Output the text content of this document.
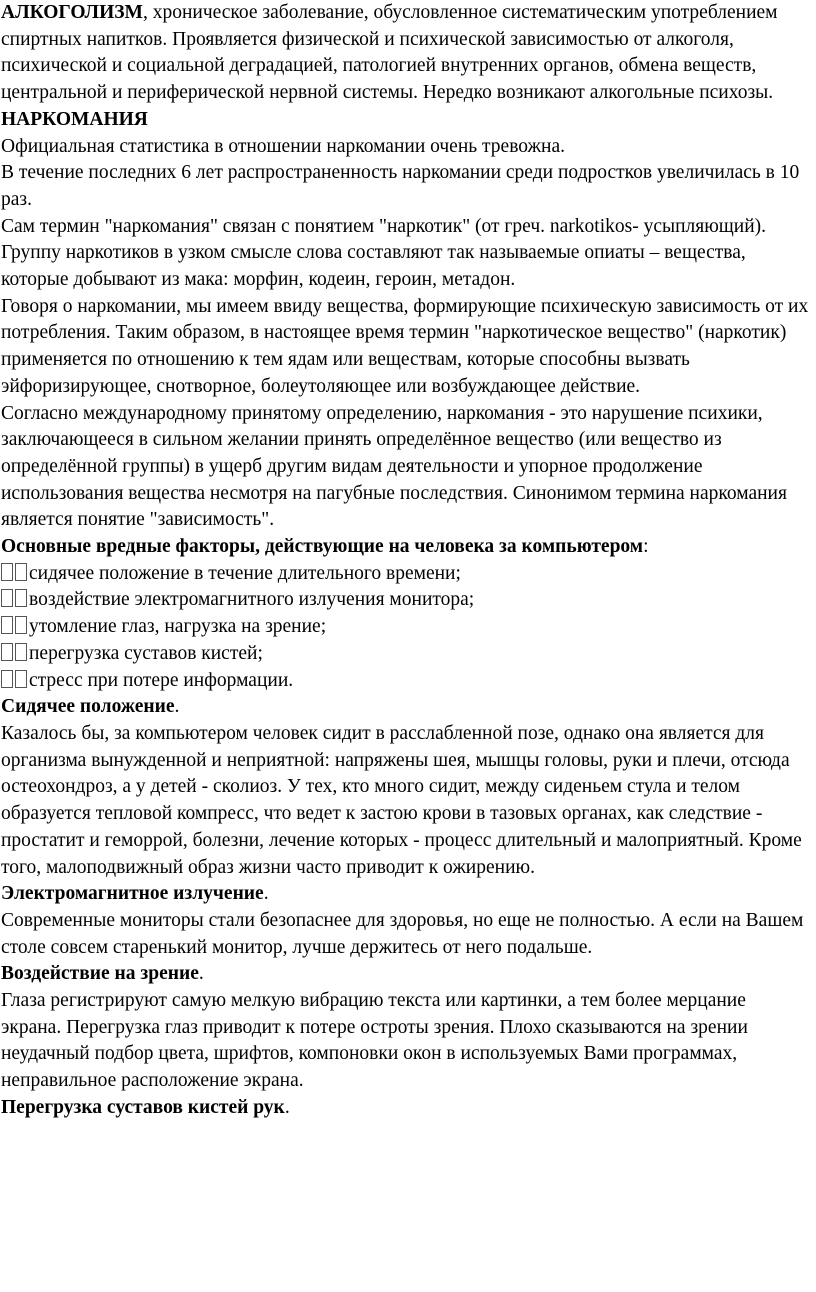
АЛКОГОЛИЗМ, хроническое заболевание, обусловленное систематическим употреблением спиртных напитков. Проявляется физической и психической зависимостью от алкоголя, психической и социальной деградацией, патологией внутренних органов, обмена веществ, центральной и периферической нервной системы. Нередко возникают алкогольные психозы.

НАРКОМАНИЯ

Официальная статистика в отношении наркомании очень тревожна.

В течение последних 6 лет распространенность наркомании среди подростков увеличилась в 10 раз.

Сам термин "наркомания" связан с понятием "наркотик" (от греч. narkotikos- усыпляющий).

Группу наркотиков в узком смысле слова составляют так называемые опиаты – вещества, которые добывают из мака: морфин, кодеин, героин, метадон.

Говоря о наркомании, мы имеем ввиду вещества, формирующие психическую зависимость от их потребления. Таким образом, в настоящее время термин "наркотическое вещество" (наркотик) применяется по отношению к тем ядам или веществам, которые способны вызвать эйфоризирующее, снотворное, болеутоляющее или возбуждающее действие.

Согласно международному принятому определению, наркомания - это нарушение психики, заключающееся в сильном желании принять определённое вещество (или вещество из определённой группы) в ущерб другим видам деятельности и упорное продолжение использования вещества несмотря на пагубные последствия. Синонимом термина наркомания является понятие "зависимость".

Основные вредные факторы, действующие на человека за компьютером:

сидячее положение в течение длительного времени;

воздействие электромагнитного излучения монитора;

утомление глаз, нагрузка на зрение;

перегрузка суставов кистей;

стресс при потере информации.

Сидячее положение.

Казалось бы, за компьютером человек сидит в расслабленной позе, однако она является для организма вынужденной и неприятной: напряжены шея, мышцы головы, руки и плечи, отсюда остеохондроз, а у детей - сколиоз. У тех, кто много сидит, между сиденьем стула и телом образуется тепловой компресс, что ведет к застою крови в тазовых органах, как следствие - простатит и геморрой, болезни, лечение которых - процесс длительный и малоприятный. Кроме того, малоподвижный образ жизни часто приводит к ожирению.

Электромагнитное излучение.

Современные мониторы стали безопаснее для здоровья, но еще не полностью. А если на Вашем столе совсем старенький монитор, лучше держитесь от него подальше.

Воздействие на зрение.

Глаза регистрируют самую мелкую вибрацию текста или картинки, а тем более мерцание экрана. Перегрузка глаз приводит к потере остроты зрения. Плохо сказываются на зрении неудачный подбор цвета, шрифтов, компоновки окон в используемых Вами программах, неправильное расположение экрана.

Перегрузка суставов кистей рук.
